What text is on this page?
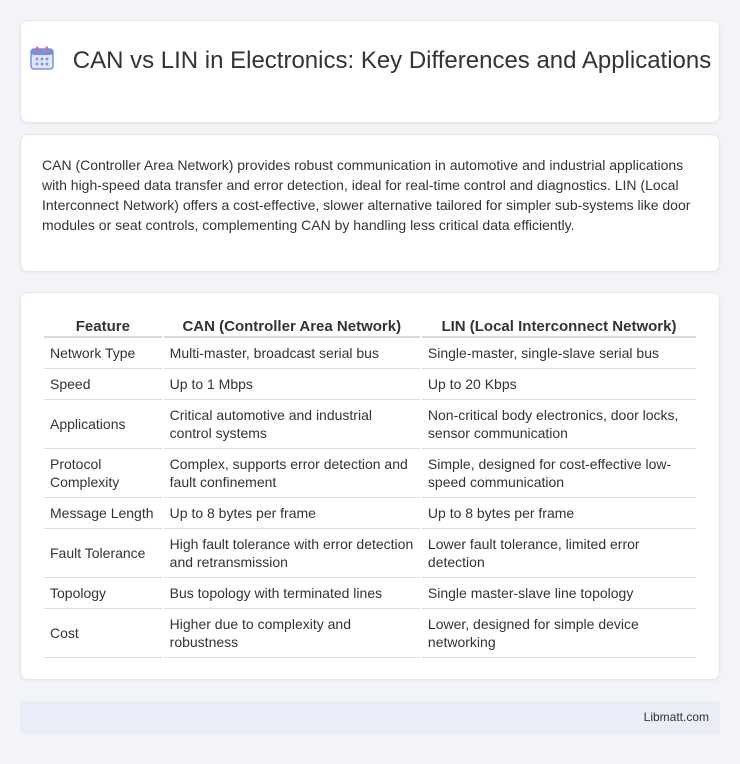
CAN vs LIN in Electronics: Key Differences and Applications

CAN (Controller Area Network) provides robust communication in automotive and industrial applications with high-speed data transfer and error detection, ideal for real-time control and diagnostics. LIN (Local Interconnect Network) offers a cost-effective, slower alternative tailored for simpler sub-systems like door modules or seat controls, complementing CAN by handling less critical data efficiently.

Feature	CAN (Controller Area Network)	LIN (Local Interconnect Network)
Network Type	Multi-master, broadcast serial bus	Single-master, single-slave serial bus
Speed	Up to 1 Mbps	Up to 20 Kbps
Applications	Critical automotive and industrial control systems	Non-critical body electronics, door locks, sensor communication
Protocol Complexity	Complex, supports error detection and fault confinement	Simple, designed for cost-effective low-speed communication
Message Length	Up to 8 bytes per frame	Up to 8 bytes per frame
Fault Tolerance	High fault tolerance with error detection and retransmission	Lower fault tolerance, limited error detection
Topology	Bus topology with terminated lines	Single master-slave line topology
Cost	Higher due to complexity and robustness	Lower, designed for simple device networking
Libmatt.com
